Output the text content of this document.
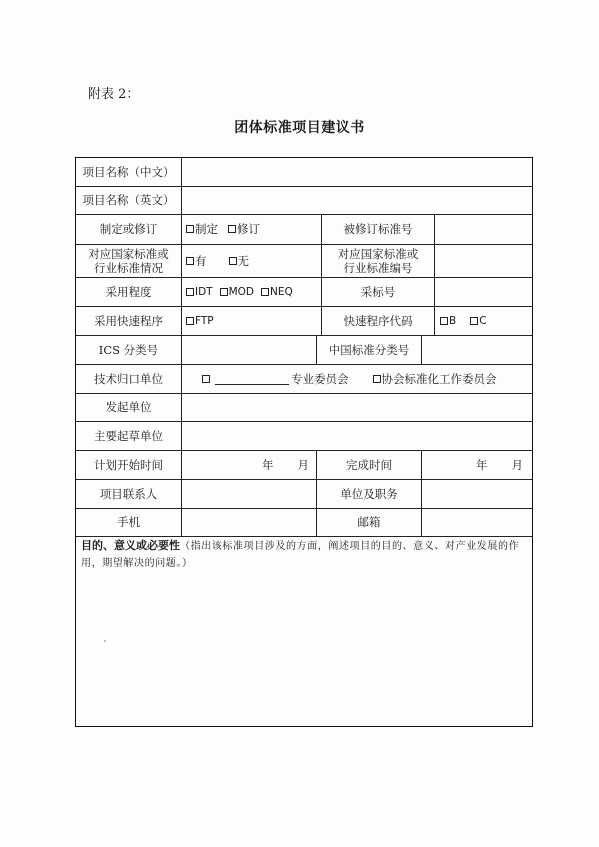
附表 2：
团体标准项目建议书
项目名称（中文）
项目名称（英文）
制定或修订	制定 修订	被修订标准号
对应国家标准或
行业标准情况	有	无	对应国家标准或
行业标准编号
采用程度	IDT MOD NEQ	采标号
采用快速程序	FTP	快速程序代码	B C
ICS 分类号	中国标准分类号
技术归口单位	专业委员会	协会标准化工作委员会
发起单位
主要起草单位
计划开始时间	年 月	完成时间	年 月
项目联系人	单位及职务
手机	邮箱
目的、意义或必要性（指出该标准项目涉及的方面，阐述项目的目的、意义、对产业发展的作用，期望解决的问题。）
